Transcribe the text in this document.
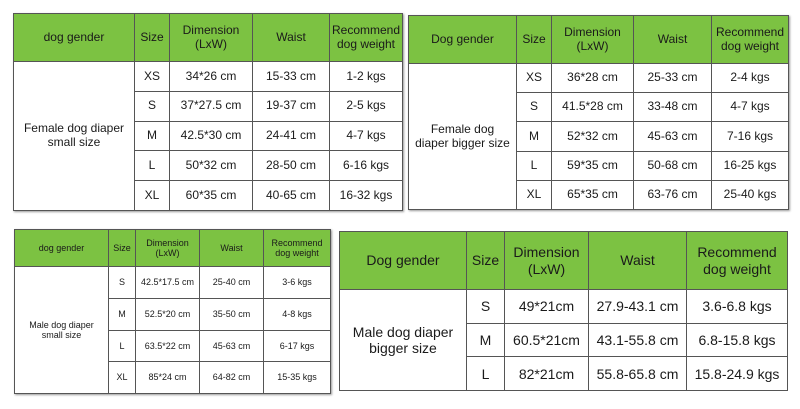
dog gender	Size	Dimension (LxW)	Waist	Recommend dog weight

Female dog diaper small size	XS	34*26 cm	15-33 cm	1-2 kgs
	S	37*27.5 cm	19-37 cm	2-5 kgs
	M	42.5*30 cm	24-41 cm	4-7 kgs
	L	50*32 cm	28-50 cm	6-16 kgs
	XL	60*35 cm	40-65 cm	16-32 kgs
Dog gender	Size	Dimension (LxW)	Waist	Recommend dog weight

Female dog diaper bigger size	XS	36*28 cm	25-33 cm	2-4 kgs
	S	41.5*28 cm	33-48 cm	4-7 kgs
	M	52*32 cm	45-63 cm	7-16 kgs
	L	59*35 cm	50-68 cm	16-25 kgs
	XL	65*35 cm	63-76 cm	25-40 kgs
dog gender	Size	Dimension (LxW)	Waist	Recommend dog weight

Male dog diaper small size	S	42.5*17.5 cm	25-40 cm	3-6 kgs
	M	52.5*20 cm	35-50 cm	4-8 kgs
	L	63.5*22 cm	45-63 cm	6-17 kgs
	XL	85*24 cm	64-82 cm	15-35 kgs
Dog gender	Size	Dimension (LxW)	Waist	Recommend dog weight

Male dog diaper bigger size	S	49*21cm	27.9-43.1 cm	3.6-6.8 kgs
	M	60.5*21cm	43.1-55.8 cm	6.8-15.8 kgs
	L	82*21cm	55.8-65.8 cm	15.8-24.9 kgs
